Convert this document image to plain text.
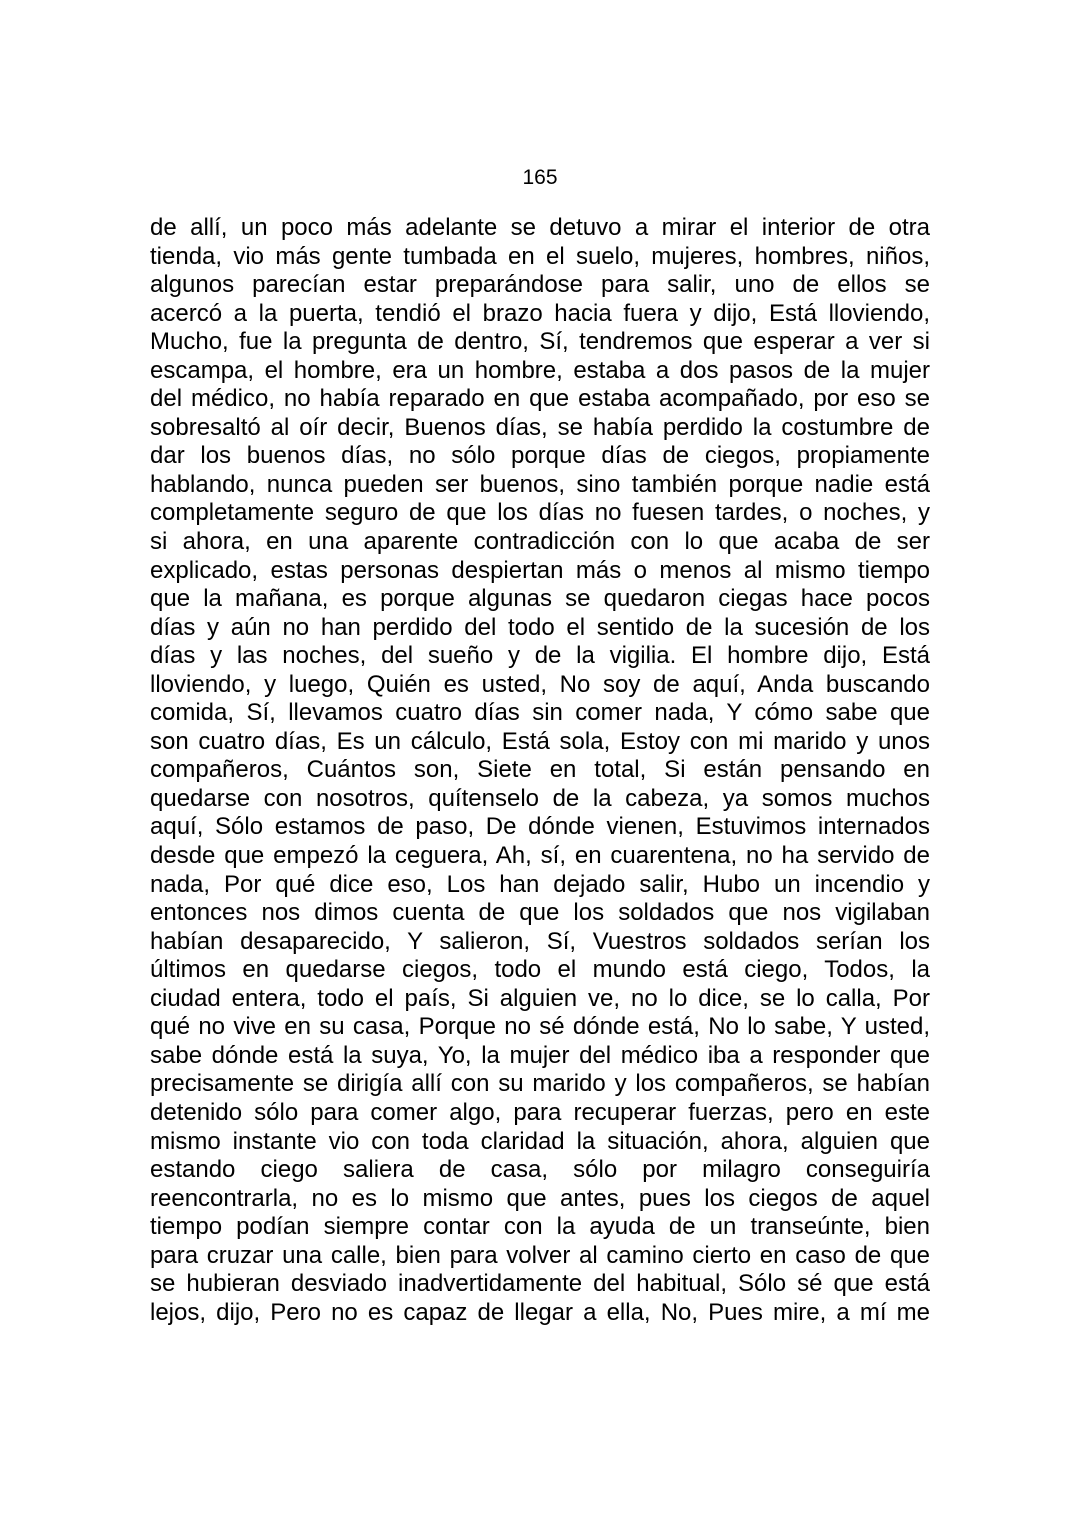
165
de allí, un poco más adelante se detuvo a mirar el interior de otra
tienda, vio más gente tumbada en el suelo, mujeres, hombres, niños,
algunos parecían estar preparándose para salir, uno de ellos se
acercó a la puerta, tendió el brazo hacia fuera y dijo, Está lloviendo,
Mucho, fue la pregunta de dentro, Sí, tendremos que esperar a ver si
escampa, el hombre, era un hombre, estaba a dos pasos de la mujer
del médico, no había reparado en que estaba acompañado, por eso se
sobresaltó al oír decir, Buenos días, se había perdido la costumbre de
dar los buenos días, no sólo porque días de ciegos, propiamente
hablando, nunca pueden ser buenos, sino también porque nadie está
completamente seguro de que los días no fuesen tardes, o noches, y
si ahora, en una aparente contradicción con lo que acaba de ser
explicado, estas personas despiertan más o menos al mismo tiempo
que la mañana, es porque algunas se quedaron ciegas hace pocos
días y aún no han perdido del todo el sentido de la sucesión de los
días y las noches, del sueño y de la vigilia. El hombre dijo, Está
lloviendo, y luego, Quién es usted, No soy de aquí, Anda buscando
comida, Sí, llevamos cuatro días sin comer nada, Y cómo sabe que
son cuatro días, Es un cálculo, Está sola, Estoy con mi marido y unos
compañeros, Cuántos son, Siete en total, Si están pensando en
quedarse con nosotros, quítenselo de la cabeza, ya somos muchos
aquí, Sólo estamos de paso, De dónde vienen, Estuvimos internados
desde que empezó la ceguera, Ah, sí, en cuarentena, no ha servido de
nada, Por qué dice eso, Los han dejado salir, Hubo un incendio y
entonces nos dimos cuenta de que los soldados que nos vigilaban
habían desaparecido, Y salieron, Sí, Vuestros soldados serían los
últimos en quedarse ciegos, todo el mundo está ciego, Todos, la
ciudad entera, todo el país, Si alguien ve, no lo dice, se lo calla, Por
qué no vive en su casa, Porque no sé dónde está, No lo sabe, Y usted,
sabe dónde está la suya, Yo, la mujer del médico iba a responder que
precisamente se dirigía allí con su marido y los compañeros, se habían
detenido sólo para comer algo, para recuperar fuerzas, pero en este
mismo instante vio con toda claridad la situación, ahora, alguien que
estando ciego saliera de casa, sólo por milagro conseguiría
reencontrarla, no es lo mismo que antes, pues los ciegos de aquel
tiempo podían siempre contar con la ayuda de un transeúnte, bien
para cruzar una calle, bien para volver al camino cierto en caso de que
se hubieran desviado inadvertidamente del habitual, Sólo sé que está
lejos, dijo, Pero no es capaz de llegar a ella, No, Pues mire, a mí me
